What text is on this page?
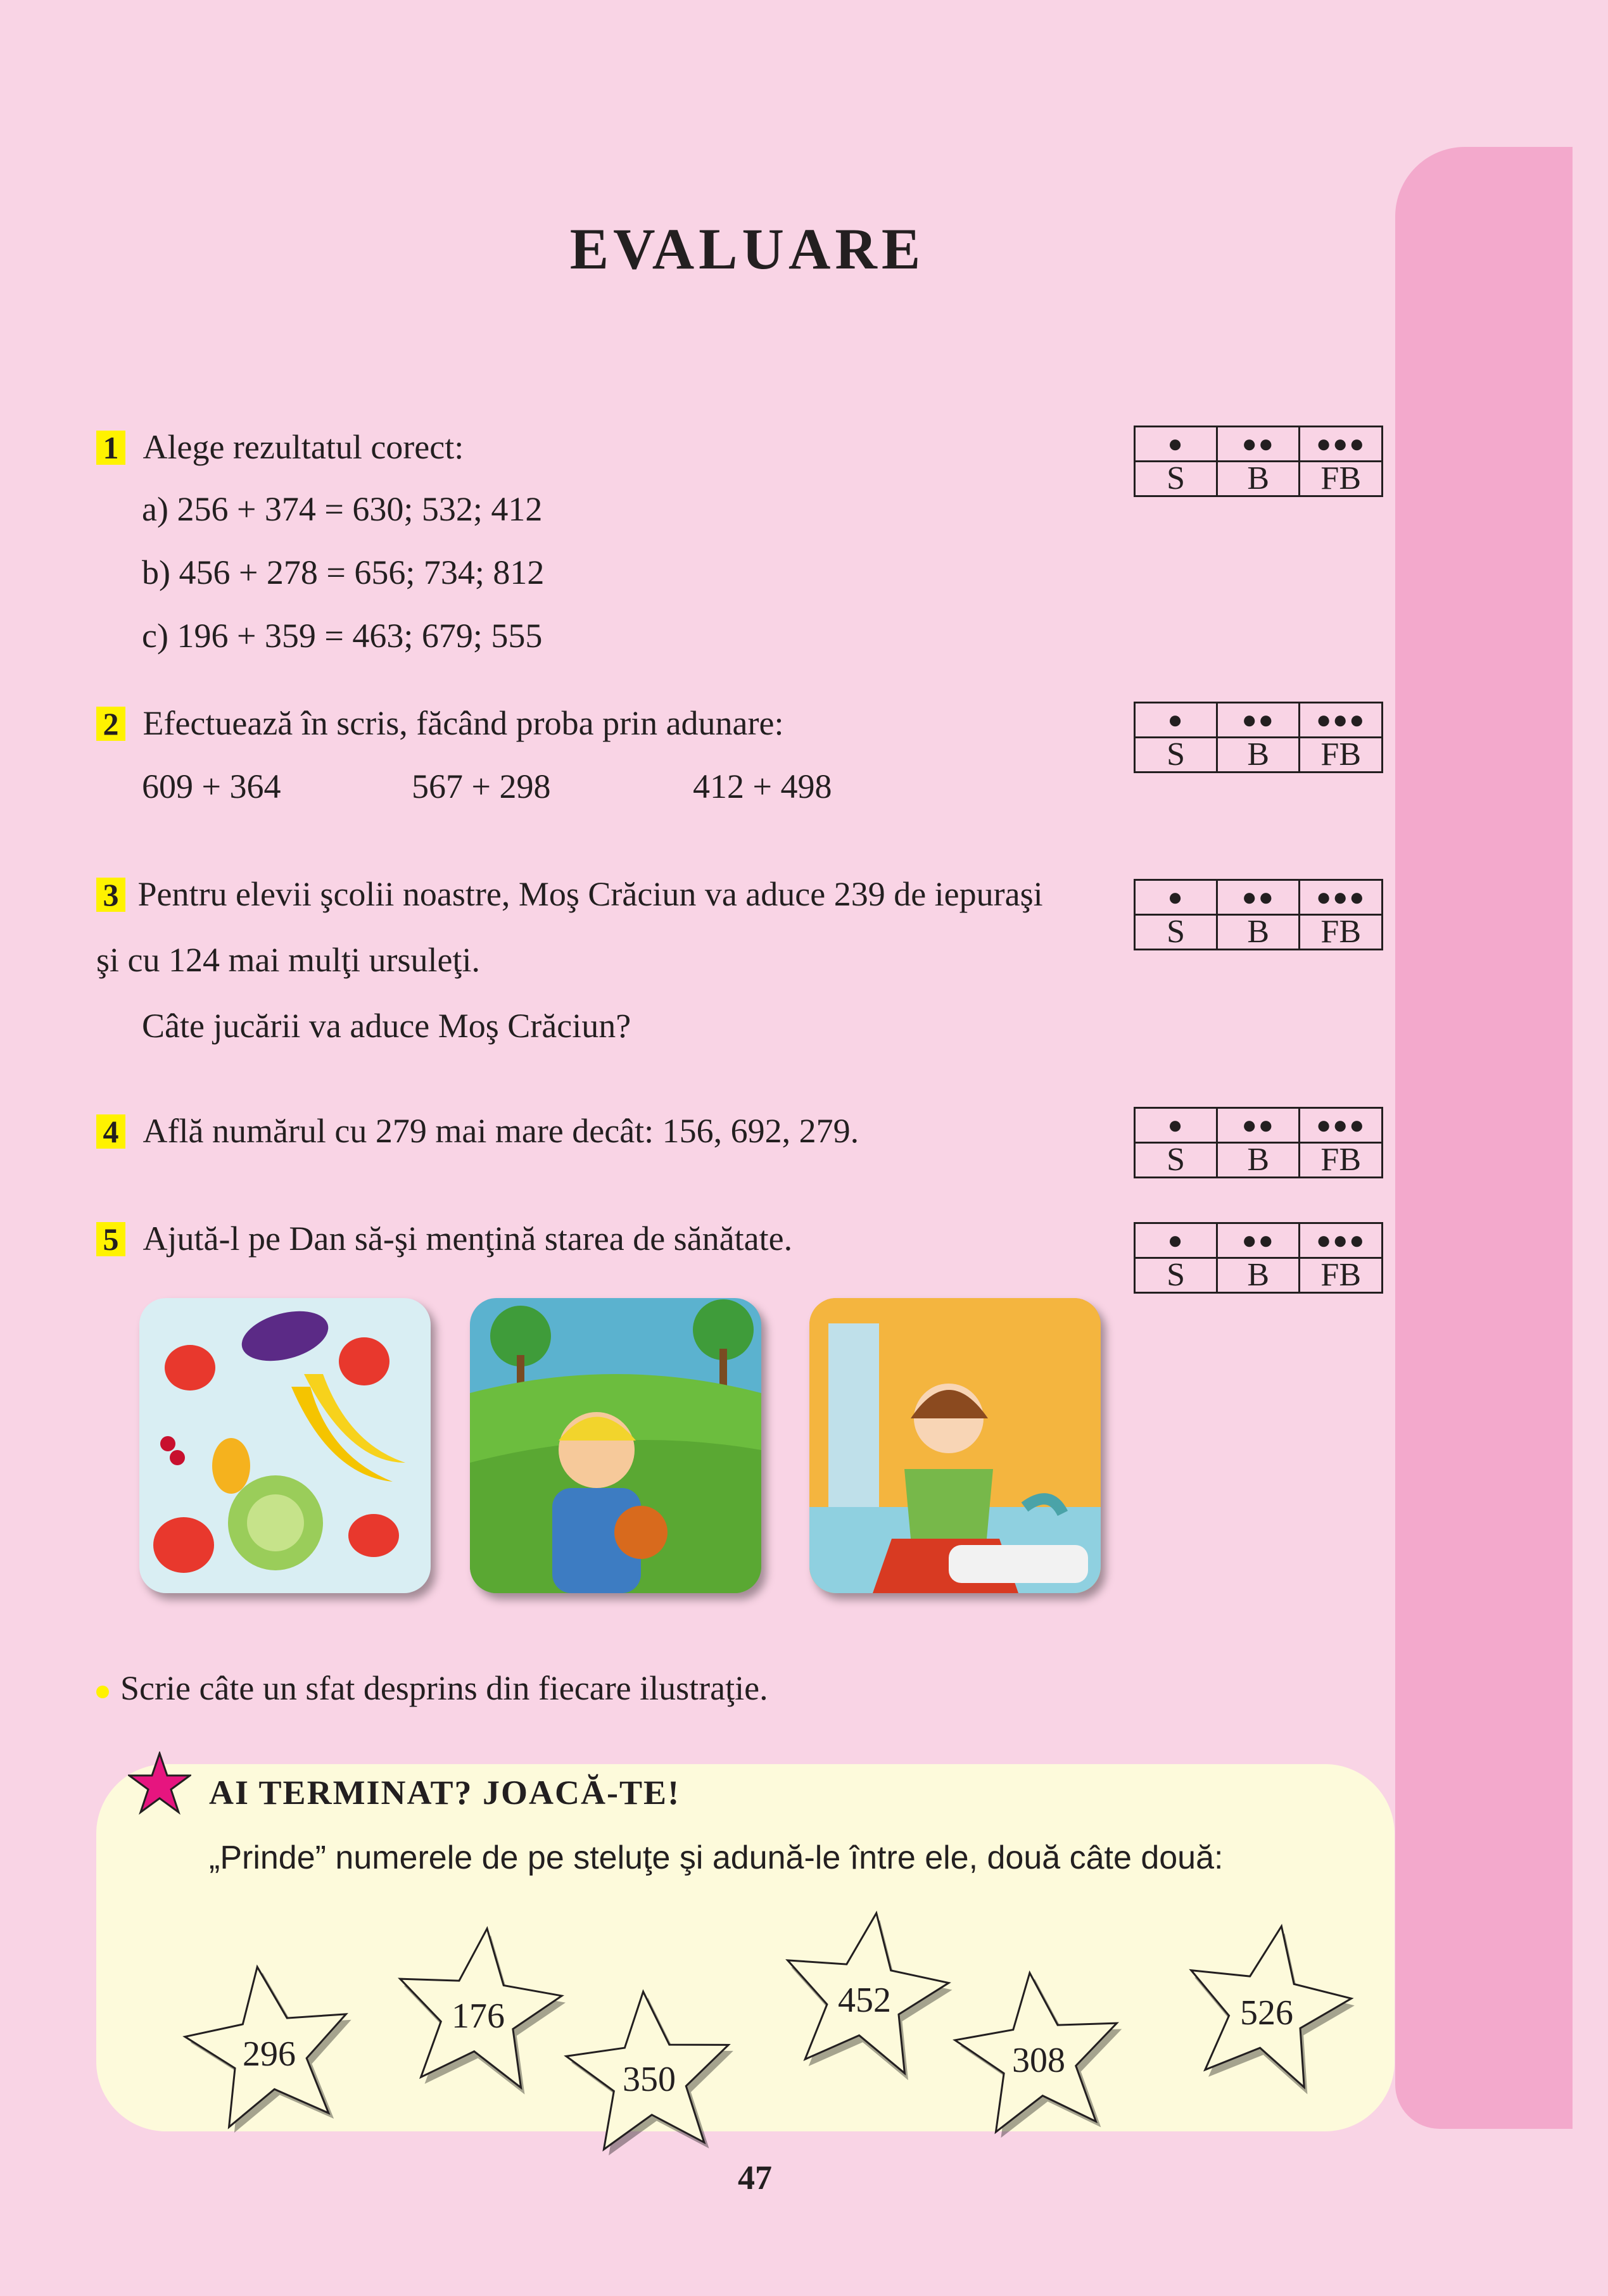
EVALUARE
1 Alege rezultatul corect:
a) 256 + 374 = 630; 532; 412
b) 456 + 278 = 656; 734; 812
c) 196 + 359 = 463; 679; 555
●	●●	●●●
S	B	FB
2 Efectuează în scris, făcând proba prin adunare:
609 + 364	567 + 298	412 + 498
●	●●	●●●
S	B	FB
3 Pentru elevii şcolii noastre, Moş Crăciun va aduce 239 de iepuraşi
şi cu 124 mai mulţi ursuleţi.
Câte jucării va aduce Moş Crăciun?
●	●●	●●●
S	B	FB
4 Află numărul cu 279 mai mare decât: 156, 692, 279.	●	●●	●●●
S	B	FB
5 Ajută-l pe Dan să-şi menţină starea de sănătate.	●	●●	●●●
S	B	FB
Scrie câte un sfat desprins din fiecare ilustraţie.
AI TERMINAT? JOACĂ-TE!
„Prinde” numerele de pe steluţe şi adună-le între ele, două câte două:
296
176
350
452
308
526
47
